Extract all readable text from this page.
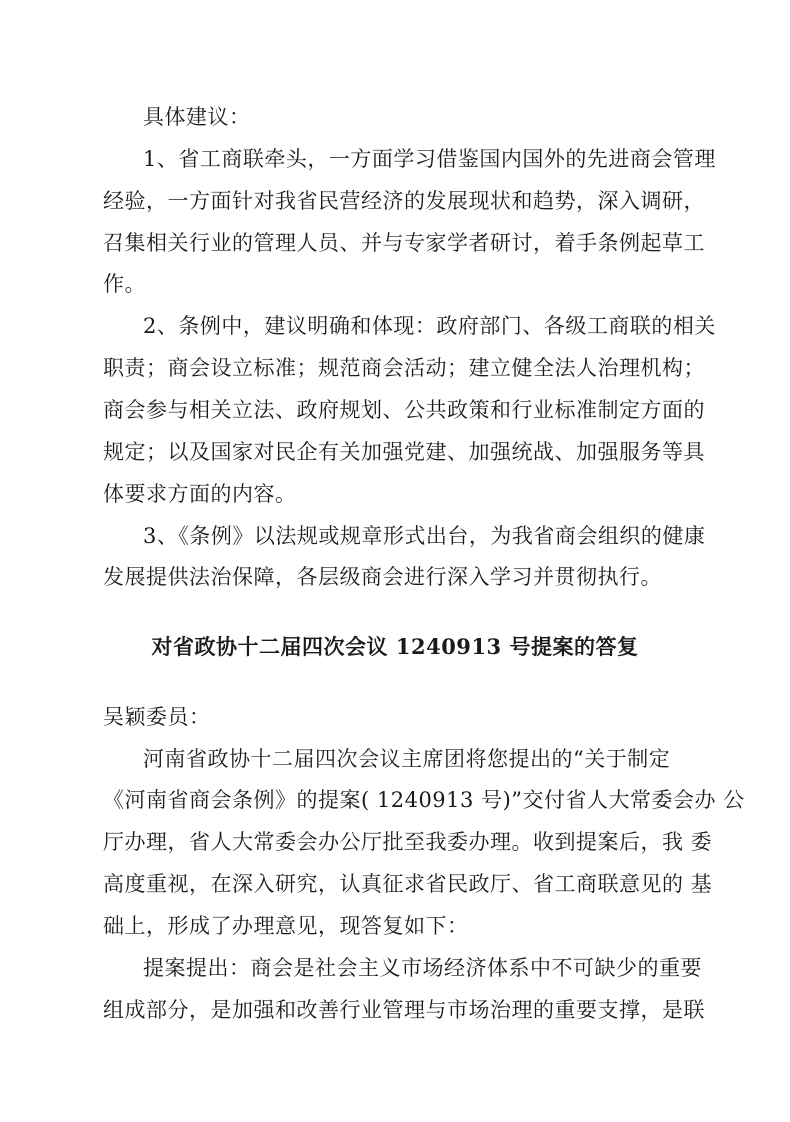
具体建议：
1、省工商联牵头，一方面学习借鉴国内国外的先进商会管理
经验，一方面针对我省民营经济的发展现状和趋势，深入调研，
召集相关行业的管理人员、并与专家学者研讨，着手条例起草工
作。
2、条例中，建议明确和体现：政府部门、各级工商联的相关
职责；商会设立标准；规范商会活动；建立健全法人治理机构；
商会参与相关立法、政府规划、公共政策和行业标准制定方面的
规定；以及国家对民企有关加强党建、加强统战、加强服务等具
体要求方面的内容。
3、《条例》以法规或规章形式出台，为我省商会组织的健康
发展提供法治保障，各层级商会进行深入学习并贯彻执行。
对省政协十二届四次会议 1240913 号提案的答复
吴颖委员：
河南省政协十二届四次会议主席团将您提出的“关于制定
《河南省商会条例》的提案( 1240913 号)”交付省人大常委会办 公
厅办理，省人大常委会办公厅批至我委办理。收到提案后，我 委
高度重视，在深入研究，认真征求省民政厅、省工商联意见的 基
础上，形成了办理意见，现答复如下：
提案提出：商会是社会主义市场经济体系中不可缺少的重要
组成部分，是加强和改善行业管理与市场治理的重要支撑，是联
